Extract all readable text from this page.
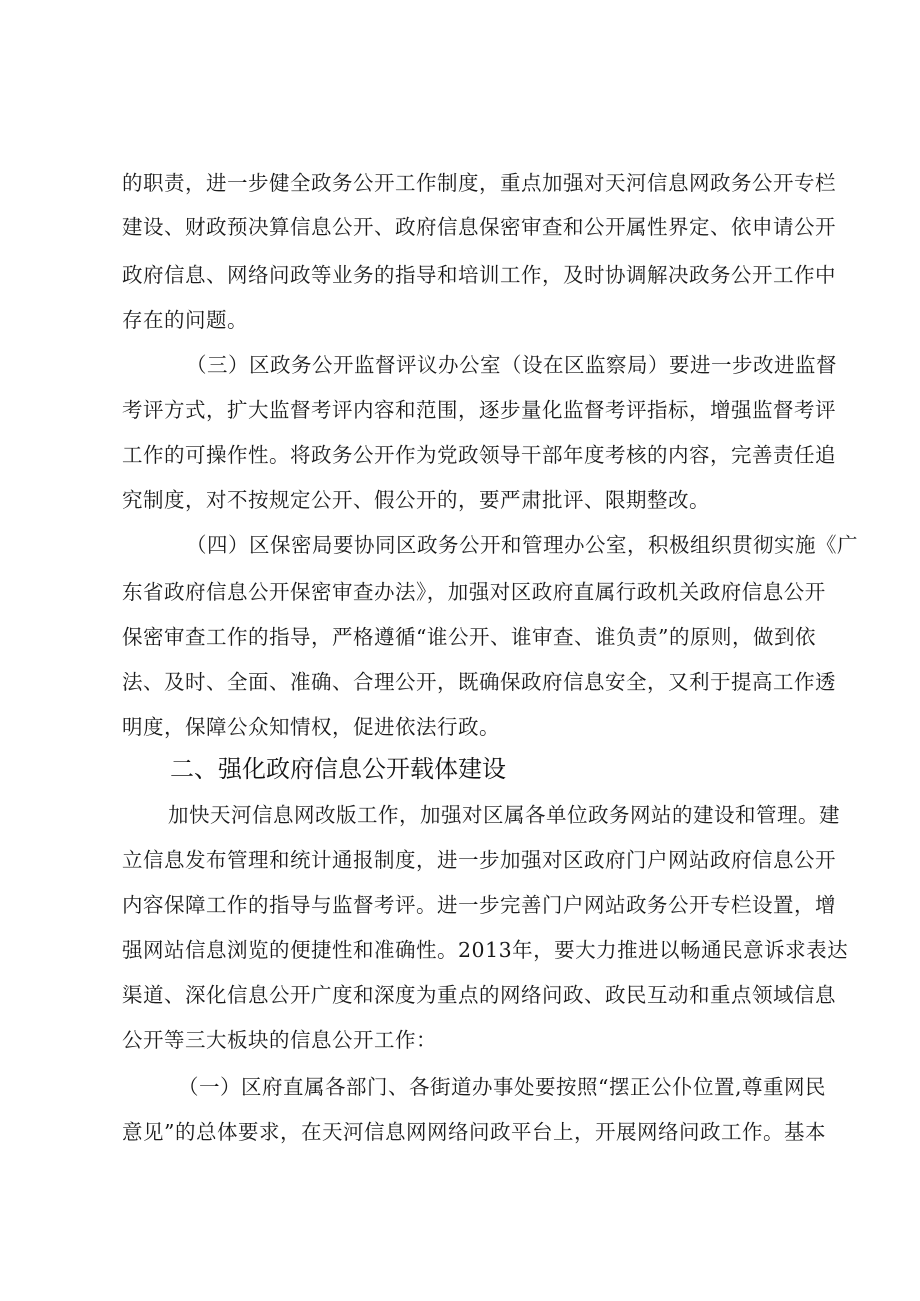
的职责，进一步健全政务公开工作制度，重点加强对天河信息网政务公开专栏
建设、财政预决算信息公开、政府信息保密审查和公开属性界定、依申请公开
政府信息、网络问政等业务的指导和培训工作，及时协调解决政务公开工作中
存在的问题。
（三）区政务公开监督评议办公室（设在区监察局）要进一步改进监督
考评方式，扩大监督考评内容和范围，逐步量化监督考评指标，增强监督考评
工作的可操作性。将政务公开作为党政领导干部年度考核的内容，完善责任追
究制度，对不按规定公开、假公开的，要严肃批评、限期整改。
（四）区保密局要协同区政务公开和管理办公室，积极组织贯彻实施《广
东省政府信息公开保密审查办法》，加强对区政府直属行政机关政府信息公开
保密审查工作的指导，严格遵循“谁公开、谁审查、谁负责”的原则，做到依
法、及时、全面、准确、合理公开，既确保政府信息安全，又利于提高工作透
明度，保障公众知情权，促进依法行政。
二、强化政府信息公开载体建设
加快天河信息网改版工作，加强对区属各单位政务网站的建设和管理。建
立信息发布管理和统计通报制度，进一步加强对区政府门户网站政府信息公开
内容保障工作的指导与监督考评。进一步完善门户网站政务公开专栏设置，增
强网站信息浏览的便捷性和准确性。2013年，要大力推进以畅通民意诉求表达
渠道、深化信息公开广度和深度为重点的网络问政、政民互动和重点领域信息
公开等三大板块的信息公开工作：
（一）区府直属各部门、各街道办事处要按照“摆正公仆位置,尊重网民
意见”的总体要求，在天河信息网网络问政平台上，开展网络问政工作。基本
